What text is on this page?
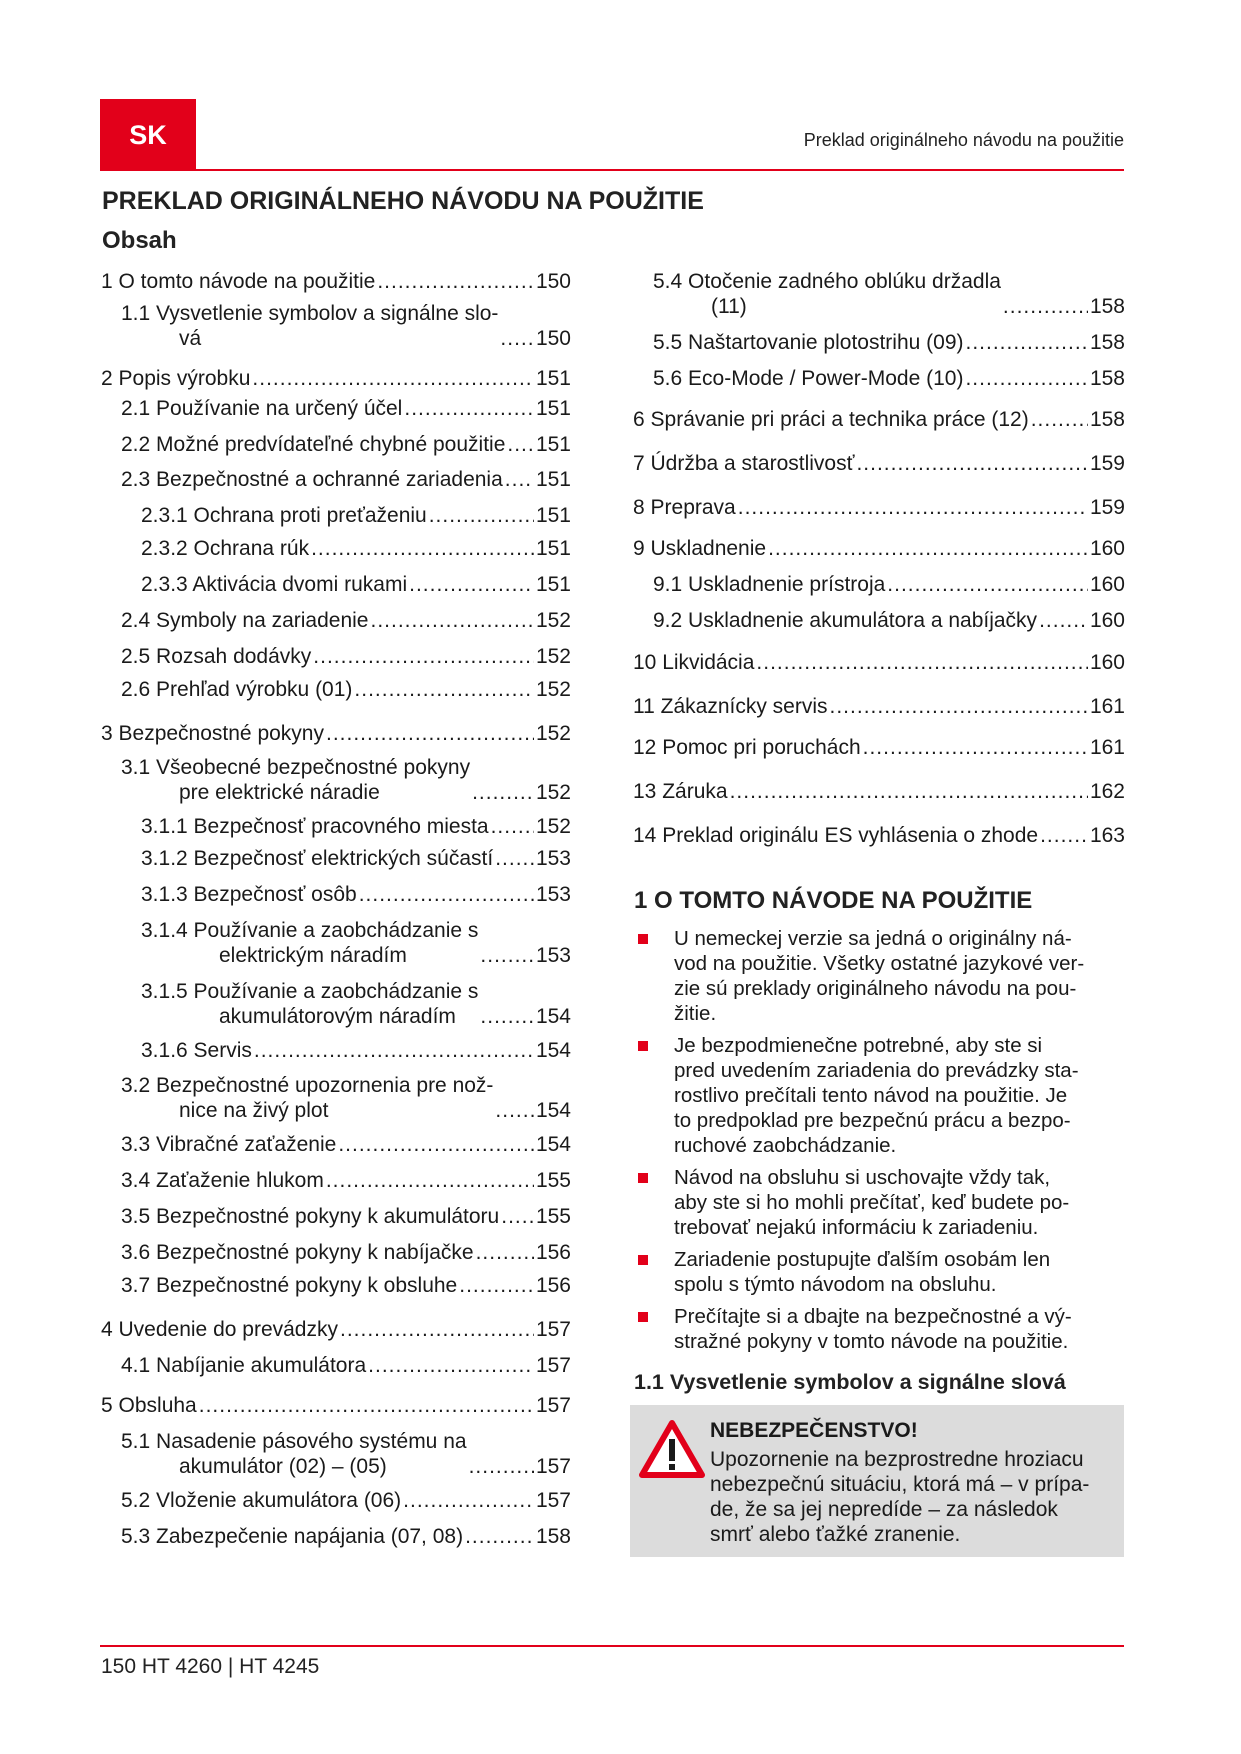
SK	Preklad originálneho návodu na použitie
PREKLAD ORIGINÁLNEHO NÁVODU NA POUŽITIE
Obsah
1 O tomto návode na použitie .....	150
1.1 Vysvetlenie symbolov a signálne slo-
vá .....	150
2 Popis výrobku .....	151
2.1 Používanie na určený účel .....	151
2.2 Možné predvídateľné chybné použitie ..... 151
2.3 Bezpečnostné a ochranné zariadenia ..... 151
2.3.1 Ochrana proti preťaženiu .....	151
2.3.2 Ochrana rúk .....	151
2.3.3 Aktivácia dvomi rukami .....	151
2.4 Symboly na zariadenie .....	152
2.5 Rozsah dodávky .....	152
2.6 Prehľad výrobku (01) .....	152
3 Bezpečnostné pokyny .....	152
3.1 Všeobecné bezpečnostné pokyny
pre elektrické náradie .....	152
3.1.1 Bezpečnosť pracovného miesta ..... 152
3.1.2 Bezpečnosť elektrických súčastí ..... 153
3.1.3 Bezpečnosť osôb .....	153
3.1.4 Používanie a zaobchádzanie s
elektrickým náradím .....	153
3.1.5 Používanie a zaobchádzanie s
akumulátorovým náradím .....	154
3.1.6 Servis .....	154
3.2 Bezpečnostné upozornenia pre nož-
nice na živý plot .....	154
3.3 Vibračné zaťaženie .....	154
3.4 Zaťaženie hlukom .....	155
3.5 Bezpečnostné pokyny k akumulátoru ..... 155
3.6 Bezpečnostné pokyny k nabíjačke .....	156
3.7 Bezpečnostné pokyny k obsluhe .....	156
4 Uvedenie do prevádzky .....	157
4.1 Nabíjanie akumulátora .....	157
5 Obsluha .....	157
5.1 Nasadenie pásového systému na
akumulátor (02) – (05) .....	157
5.2 Vloženie akumulátora (06) .....	157
5.3 Zabezpečenie napájania (07, 08) .....	158
5.4 Otočenie zadného oblúku držadla
(11) .....	158
5.5 Naštartovanie plotostrihu (09) .....	158
5.6 Eco-Mode / Power-Mode (10) .....	158
6 Správanie pri práci a technika práce (12) .....	158
7 Údržba a starostlivosť .....	159
8 Preprava .....	159
9 Uskladnenie .....	160
9.1 Uskladnenie prístroja .....	160
9.2 Uskladnenie akumulátora a nabíjačky .....	160
10 Likvidácia .....	160
11 Zákaznícky servis .....	161
12 Pomoc pri poruchách .....	161
13 Záruka .....	162
14 Preklad originálu ES vyhlásenia o zhode ..... 163
1 O TOMTO NÁVODE NA POUŽITIE
U nemeckej verzie sa jedná o originálny ná-
vod na použitie. Všetky ostatné jazykové ver-
zie sú preklady originálneho návodu na pou-
žitie.
Je bezpodmienečne potrebné, aby ste si
pred uvedením zariadenia do prevádzky sta-
rostlivo prečítali tento návod na použitie. Je
to predpoklad pre bezpečnú prácu a bezpo-
ruchové zaobchádzanie.
Návod na obsluhu si uschovajte vždy tak,
aby ste si ho mohli prečítať, keď budete po-
trebovať nejakú informáciu k zariadeniu.
Zariadenie postupujte ďalším osobám len
spolu s týmto návodom na obsluhu.
Prečítajte si a dbajte na bezpečnostné a vý-
stražné pokyny v tomto návode na použitie.
1.1 Vysvetlenie symbolov a signálne slová
NEBEZPEČENSTVO!
Upozornenie na bezprostredne hroziacu
nebezpečnú situáciu, ktorá má – v prípa-
de, že sa jej nepredíde – za následok
smrť alebo ťažké zranenie.
150 HT 4260 | HT 4245
